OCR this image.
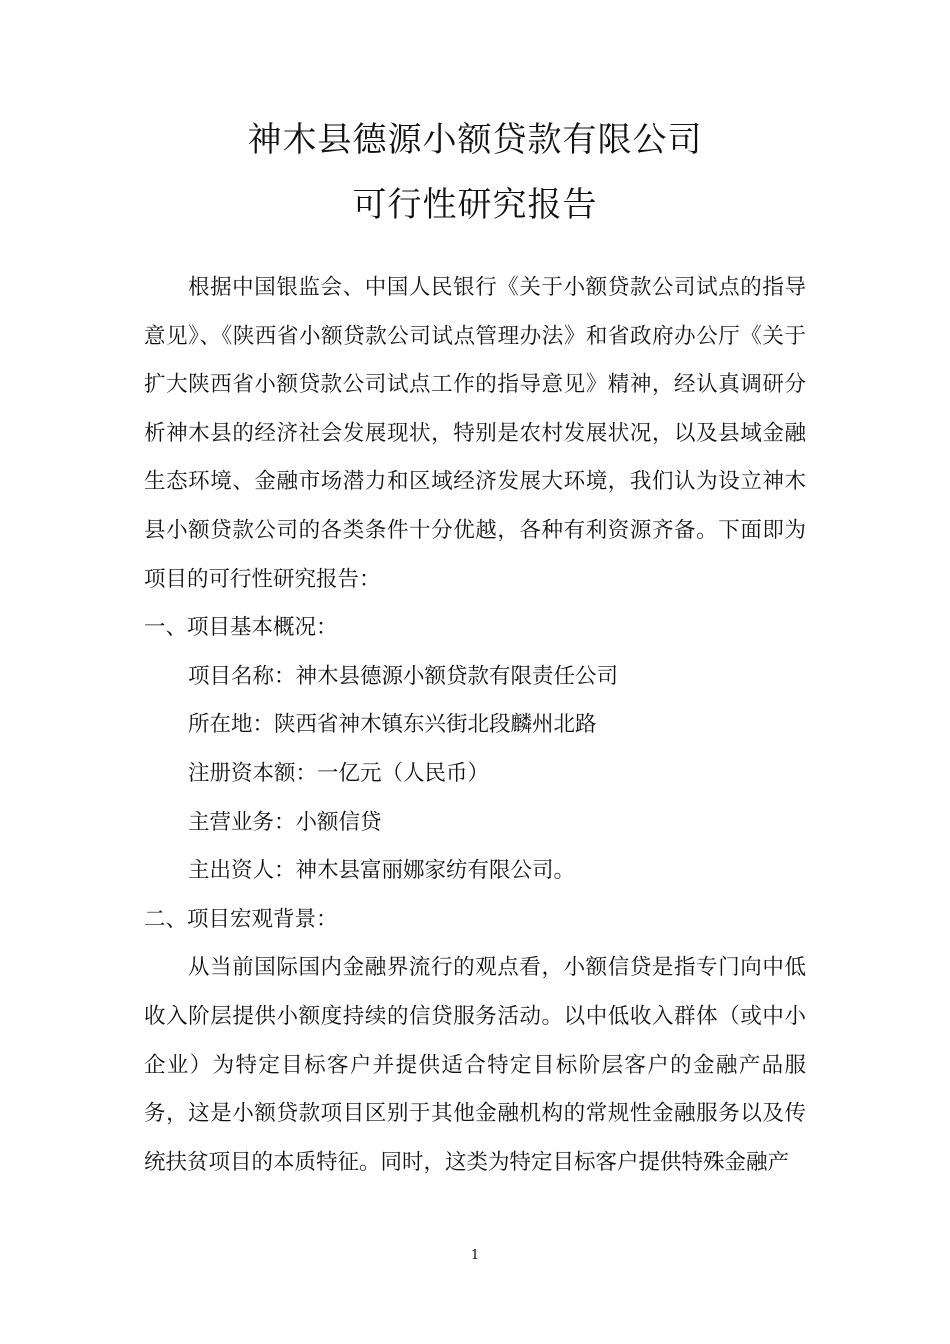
神木县德源小额贷款有限公司
可行性研究报告

根据中国银监会、中国人民银行《关于小额贷款公司试点的指导意见》、《陕西省小额贷款公司试点管理办法》和省政府办公厅《关于扩大陕西省小额贷款公司试点工作的指导意见》精神，经认真调研分析神木县的经济社会发展现状，特别是农村发展状况，以及县域金融生态环境、金融市场潜力和区域经济发展大环境，我们认为设立神木县小额贷款公司的各类条件十分优越，各种有利资源齐备。下面即为项目的可行性研究报告：

一、项目基本概况：

项目名称：神木县德源小额贷款有限责任公司

所在地：陕西省神木镇东兴街北段麟州北路

注册资本额：一亿元（人民币）

主营业务：小额信贷

主出资人：神木县富丽娜家纺有限公司。

二、项目宏观背景：

从当前国际国内金融界流行的观点看，小额信贷是指专门向中低收入阶层提供小额度持续的信贷服务活动。以中低收入群体（或中小企业）为特定目标客户并提供适合特定目标阶层客户的金融产品服务，这是小额贷款项目区别于其他金融机构的常规性金融服务以及传统扶贫项目的本质特征。同时，这类为特定目标客户提供特殊金融产

1
